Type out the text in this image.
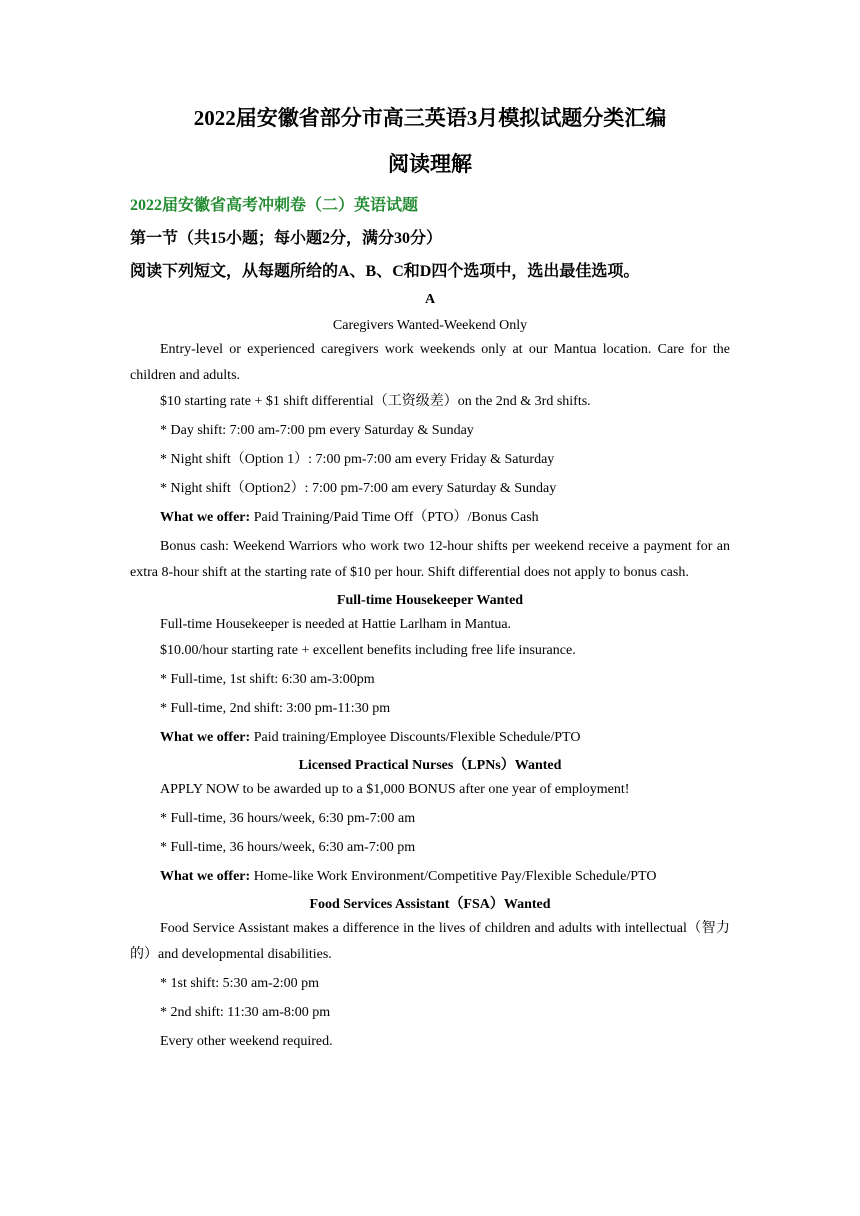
2022届安徽省部分市高三英语3月模拟试题分类汇编

阅读理解

2022届安徽省高考冲刺卷（二）英语试题

第一节（共15小题；每小题2分，满分30分）

阅读下列短文，从每题所给的A、B、C和D四个选项中，选出最佳选项。

A

Caregivers Wanted-Weekend Only

Entry-level or experienced caregivers work weekends only at our Mantua location. Care for the children and adults.

$10 starting rate + $1 shift differential（工资级差）on the 2nd & 3rd shifts.

* Day shift: 7:00 am-7:00 pm every Saturday & Sunday

* Night shift（Option 1）: 7:00 pm-7:00 am every Friday & Saturday

* Night shift（Option2）: 7:00 pm-7:00 am every Saturday & Sunday

What we offer: Paid Training/Paid Time Off（PTO）/Bonus Cash

Bonus cash: Weekend Warriors who work two 12-hour shifts per weekend receive a payment for an extra 8-hour shift at the starting rate of $10 per hour. Shift differential does not apply to bonus cash.

Full-time Housekeeper Wanted

Full-time Housekeeper is needed at Hattie Larlham in Mantua.

$10.00/hour starting rate + excellent benefits including free life insurance.

* Full-time, 1st shift: 6:30 am-3:00pm

* Full-time, 2nd shift: 3:00 pm-11:30 pm

What we offer: Paid training/Employee Discounts/Flexible Schedule/PTO

Licensed Practical Nurses（LPNs）Wanted

APPLY NOW to be awarded up to a $1,000 BONUS after one year of employment!

* Full-time, 36 hours/week, 6:30 pm-7:00 am

* Full-time, 36 hours/week, 6:30 am-7:00 pm

What we offer: Home-like Work Environment/Competitive Pay/Flexible Schedule/PTO

Food Services Assistant（FSA）Wanted

Food Service Assistant makes a difference in the lives of children and adults with intellectual（智力的）and developmental disabilities.

* 1st shift: 5:30 am-2:00 pm

* 2nd shift: 11:30 am-8:00 pm

Every other weekend required.
